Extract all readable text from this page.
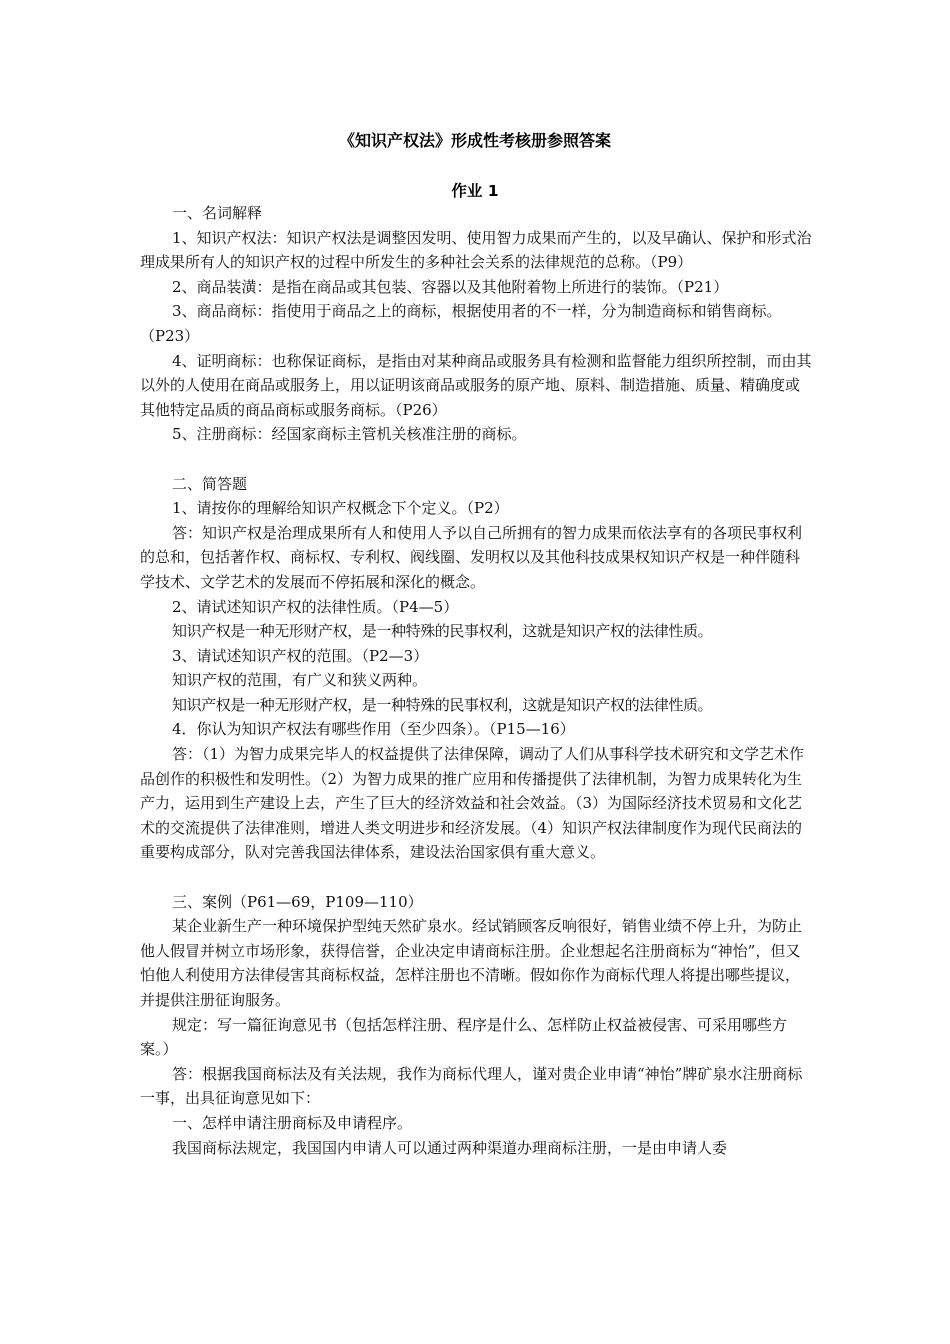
《知识产权法》形成性考核册参照答案
作业 1

一、名词解释

1、知识产权法：知识产权法是调整因发明、使用智力成果而产生的，以及早确认、保护和形式治理成果所有人的知识产权的过程中所发生的多种社会关系的法律规范的总称。（P9）

2、商品装潢：是指在商品或其包装、容器以及其他附着物上所进行的装饰。（P21）

3、商品商标：指使用于商品之上的商标，根据使用者的不一样，分为制造商标和销售商标。（P23）

4、证明商标：也称保证商标，是指由对某种商品或服务具有检测和监督能力组织所控制，而由其以外的人使用在商品或服务上，用以证明该商品或服务的原产地、原料、制造措施、质量、精确度或其他特定品质的商品商标或服务商标。（P26）

5、注册商标：经国家商标主管机关核准注册的商标。

二、简答题

1、请按你的理解给知识产权概念下个定义。（P2）

答：知识产权是治理成果所有人和使用人予以自己所拥有的智力成果而依法享有的各项民事权利的总和，包括著作权、商标权、专利权、阀线圈、发明权以及其他科技成果权知识产权是一种伴随科学技术、文学艺术的发展而不停拓展和深化的概念。

2、请试述知识产权的法律性质。（P4—5）

知识产权是一种无形财产权，是一种特殊的民事权利，这就是知识产权的法律性质。

3、请试述知识产权的范围。（P2—3）

知识产权的范围，有广义和狭义两种。

知识产权是一种无形财产权，是一种特殊的民事权利，这就是知识产权的法律性质。

4．你认为知识产权法有哪些作用（至少四条）。（P15—16）

答：（1）为智力成果完毕人的权益提供了法律保障，调动了人们从事科学技术研究和文学艺术作品创作的积极性和发明性。（2）为智力成果的推广应用和传播提供了法律机制，为智力成果转化为生产力，运用到生产建设上去，产生了巨大的经济效益和社会效益。（3）为国际经济技术贸易和文化艺术的交流提供了法律准则，增进人类文明进步和经济发展。（4）知识产权法律制度作为现代民商法的重要构成部分，队对完善我国法律体系，建设法治国家俱有重大意义。

三、案例（P61—69，P109—110）

某企业新生产一种环境保护型纯天然矿泉水。经试销顾客反响很好，销售业绩不停上升，为防止他人假冒并树立市场形象，获得信誉，企业决定申请商标注册。企业想起名注册商标为“神怡”，但又怕他人利使用方法律侵害其商标权益，怎样注册也不清晰。假如你作为商标代理人将提出哪些提议，并提供注册征询服务。

规定：写一篇征询意见书（包括怎样注册、程序是什么、怎样防止权益被侵害、可采用哪些方案。）

答：根据我国商标法及有关法规，我作为商标代理人，谨对贵企业申请“神怡”牌矿泉水注册商标一事，出具征询意见如下：

一、怎样申请注册商标及申请程序。

我国商标法规定，我国国内申请人可以通过两种渠道办理商标注册，一是由申请人委
